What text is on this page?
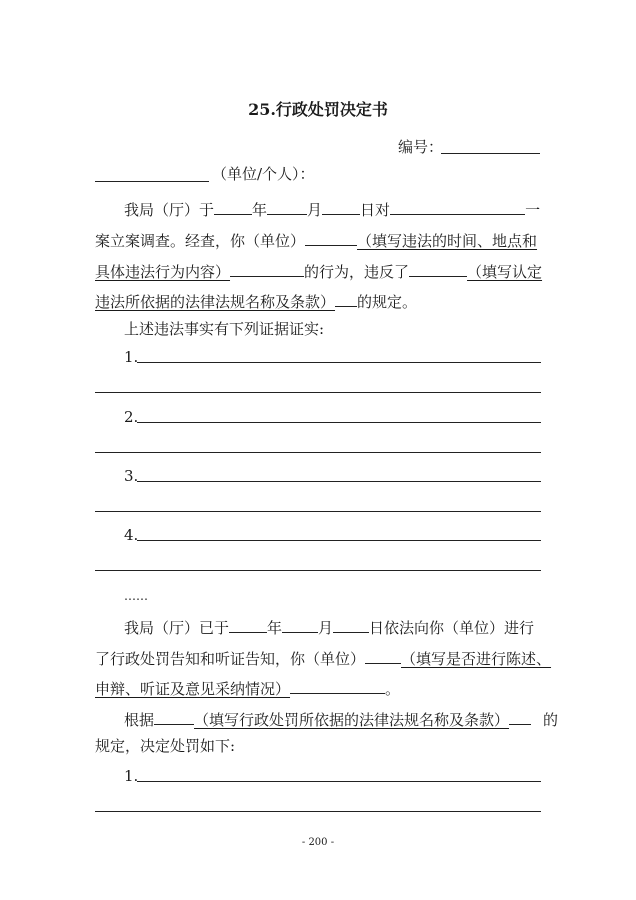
25.行政处罚决定书
编号：
（单位/个人）：
我局（厅）于	年	月	日对	一
案立案调查。经查，你（单位）	（填写违法的时间、地点和
具体违法行为内容）	的行为，违反了	（填写认定
违法所依据的法律法规名称及条款） 的规定。
上述违法事实有下列证据证实:
1.
2.
3.
4.
……
我局（厅）已于	年 月 日依法向你（单位）进行
了行政处罚告知和听证告知，你（单位） （填写是否进行陈述、
申辩、听证及意见采纳情况）	。
根据	（填写行政处罚所依据的法律法规名称及条款） 的
规定，决定处罚如下:
1.
- 200 -
